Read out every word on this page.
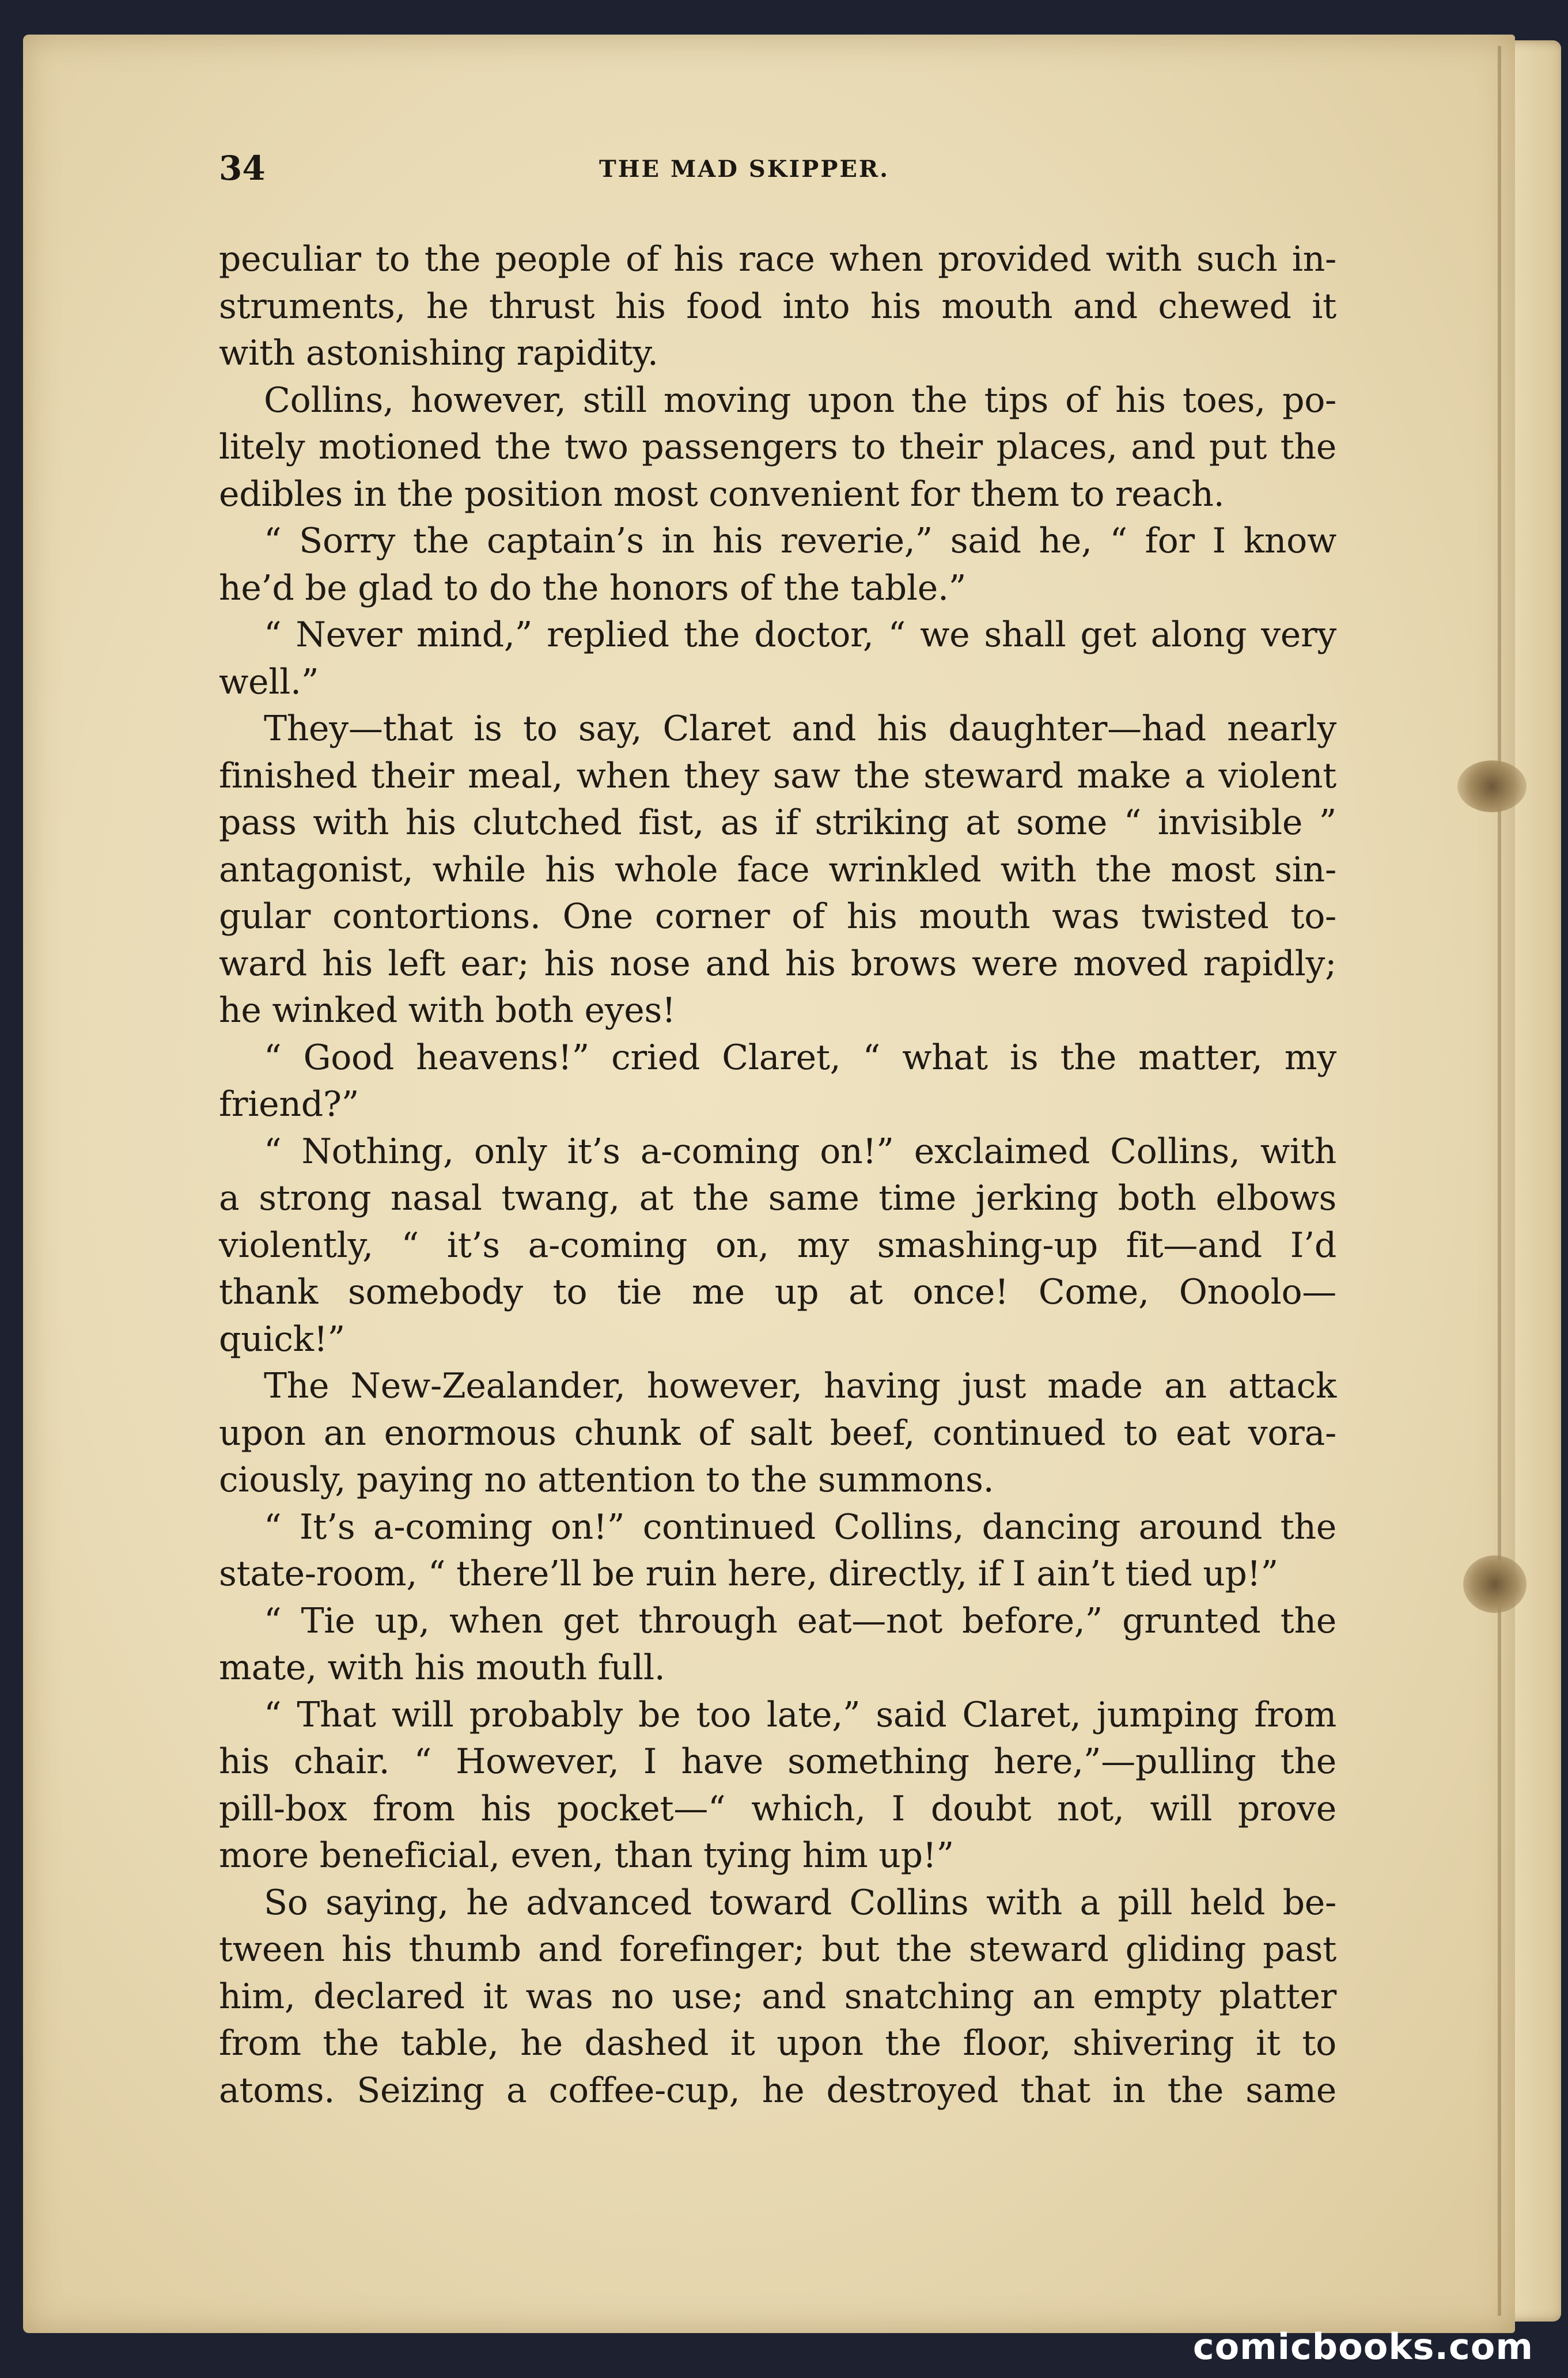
34	THE MAD SKIPPER.
peculiar to the people of his race when provided with such in-
struments, he thrust his food into his mouth and chewed it
with astonishing rapidity.
Collins, however, still moving upon the tips of his toes, po-
litely motioned the two passengers to their places, and put the
edibles in the position most convenient for them to reach.
“ Sorry the captain’s in his reverie,” said he, “ for I know
he’d be glad to do the honors of the table.”
“ Never mind,” replied the doctor, “ we shall get along very
well.”
They—that is to say, Claret and his daughter—had nearly
finished their meal, when they saw the steward make a violent
pass with his clutched fist, as if striking at some “ invisible ”
antagonist, while his whole face wrinkled with the most sin-
gular contortions. One corner of his mouth was twisted to-
ward his left ear; his nose and his brows were moved rapidly;
he winked with both eyes!
“ Good heavens!” cried Claret, “ what is the matter, my
friend?”
“ Nothing, only it’s a-coming on!” exclaimed Collins, with
a strong nasal twang, at the same time jerking both elbows
violently, “ it’s a-coming on, my smashing-up fit—and I’d
thank somebody to tie me up at once! Come, Onoolo—
quick!”
The New-Zealander, however, having just made an attack
upon an enormous chunk of salt beef, continued to eat vora-
ciously, paying no attention to the summons.
“ It’s a-coming on!” continued Collins, dancing around the
state-room, “ there’ll be ruin here, directly, if I ain’t tied up!”
“ Tie up, when get through eat—not before,” grunted the
mate, with his mouth full.
“ That will probably be too late,” said Claret, jumping from
his chair. “ However, I have something here,”—pulling the
pill-box from his pocket—“ which, I doubt not, will prove
more beneficial, even, than tying him up!”
So saying, he advanced toward Collins with a pill held be-
tween his thumb and forefinger; but the steward gliding past
him, declared it was no use; and snatching an empty platter
from the table, he dashed it upon the floor, shivering it to
atoms. Seizing a coffee-cup, he destroyed that in the same
comicbooks.com
